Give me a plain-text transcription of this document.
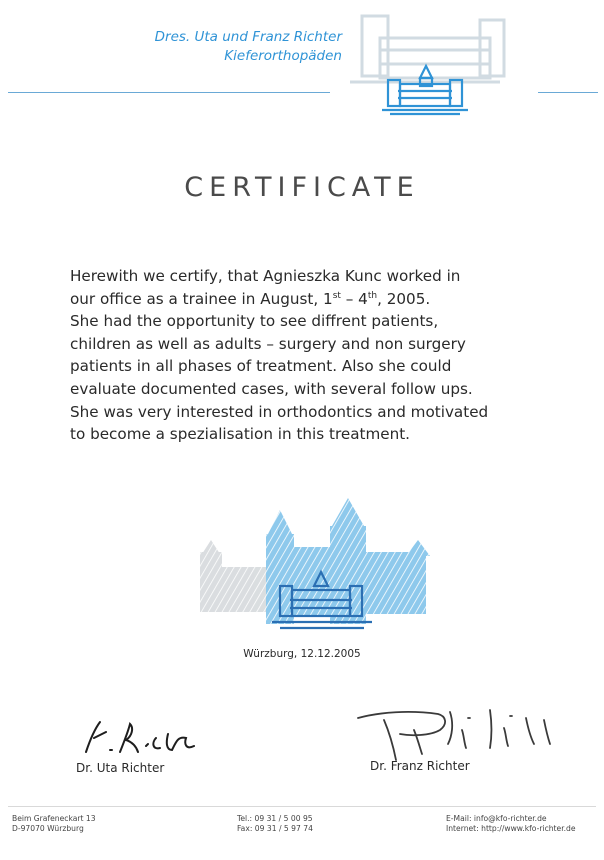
Dres. Uta und Franz Richter
Kieferorthopäden
CERTIFICATE

Herewith we certify, that Agnieszka Kunc worked in

our office as a trainee in August, 1st – 4th, 2005.

She had the opportunity to see diffrent patients,

children as well as adults – surgery and non surgery

patients in all phases of treatment. Also she could

evaluate documented cases, with several follow ups.

She was very interested in orthodontics and motivated

to become a spezialisation in this treatment.

Würzburg, 12.12.2005
Dr. Uta Richter	Dr. Franz Richter
Beim Grafeneckart 13
D-97070 Würzburg
Tel.: 09 31 / 5 00 95
Fax: 09 31 / 5 97 74
E-Mail: info@kfo-richter.de
Internet: http://www.kfo-richter.de
